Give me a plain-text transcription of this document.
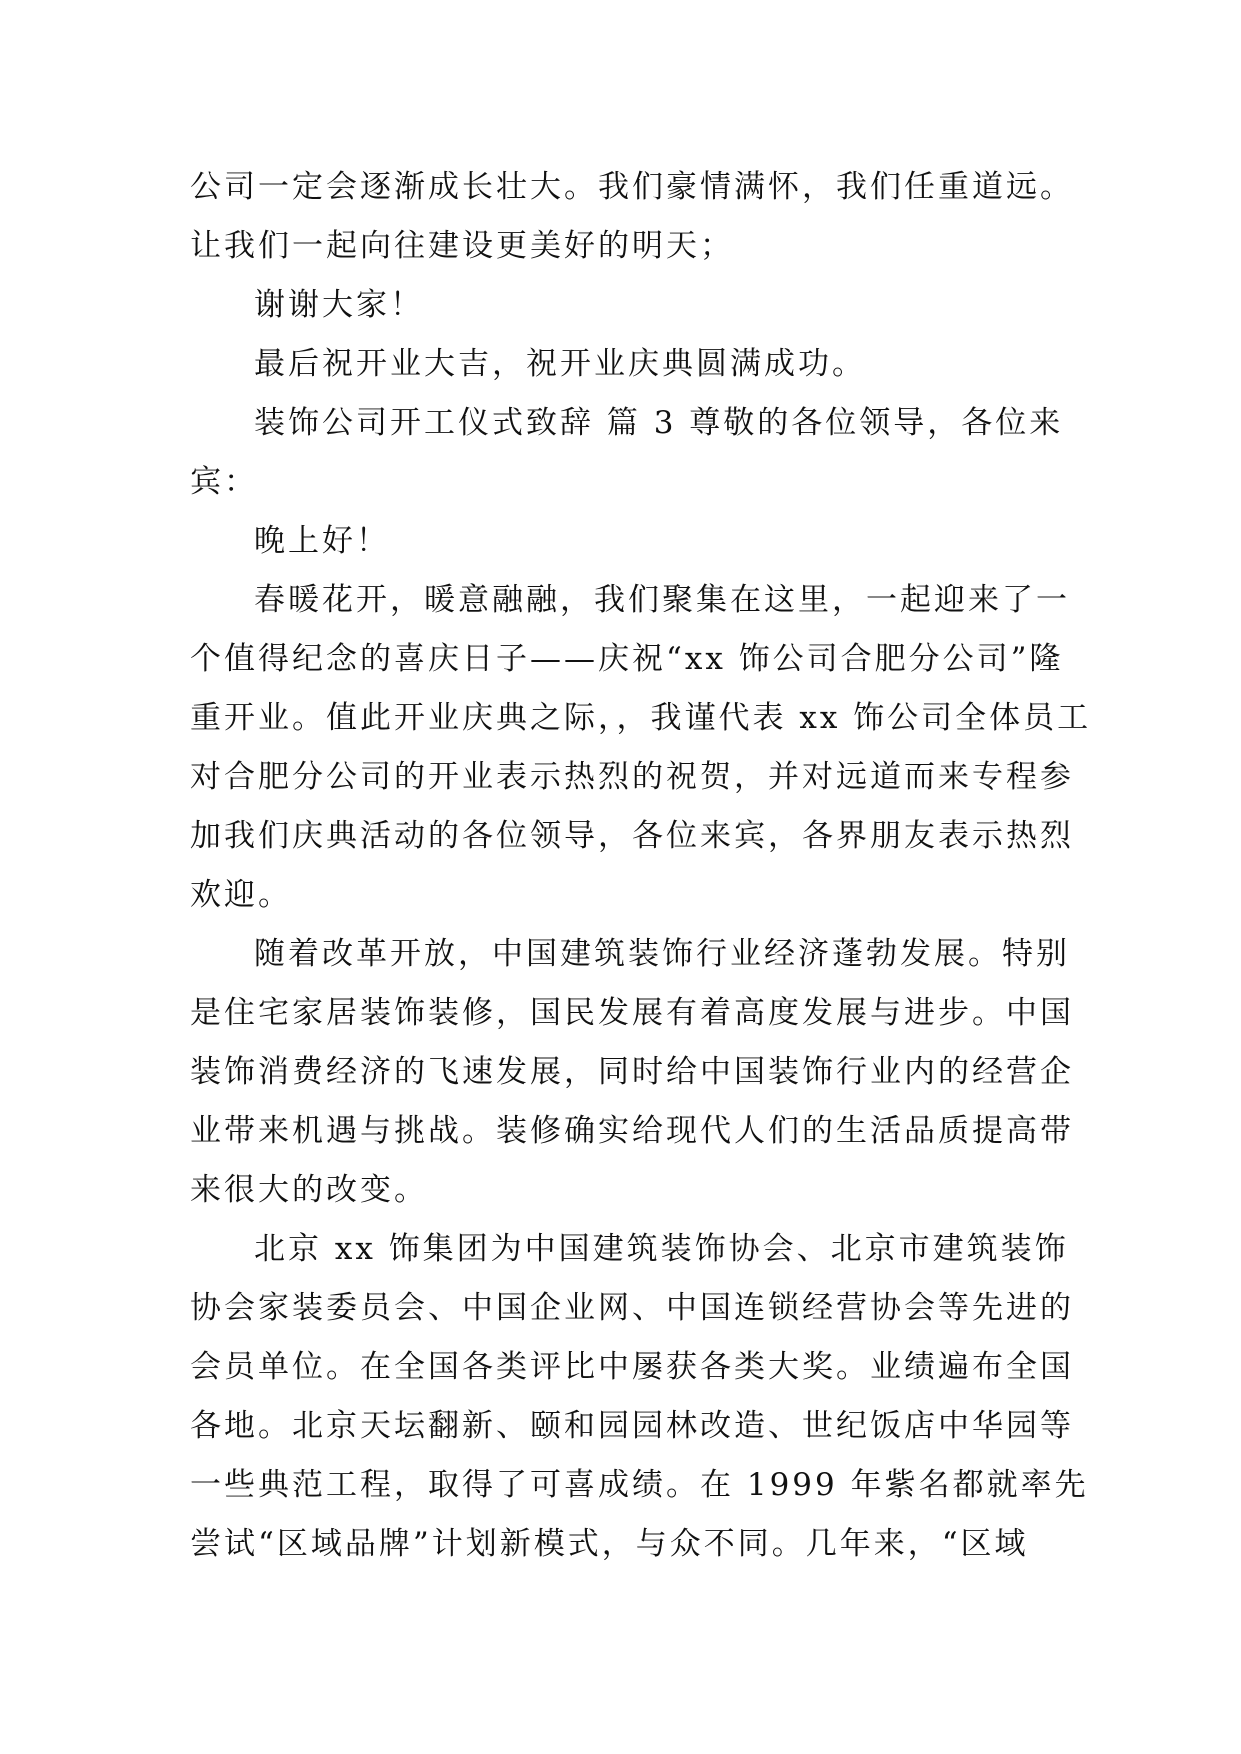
公司一定会逐渐成长壮大。我们豪情满怀，我们任重道远。
让我们一起向往建设更美好的明天；
谢谢大家！
最后祝开业大吉，祝开业庆典圆满成功。
装饰公司开工仪式致辞 篇 3 尊敬的各位领导，各位来
宾：
晚上好！
春暖花开，暖意融融，我们聚集在这里，一起迎来了一
个值得纪念的喜庆日子——庆祝“xx 饰公司合肥分公司”隆
重开业。值此开业庆典之际，，我谨代表 xx 饰公司全体员工
对合肥分公司的开业表示热烈的祝贺，并对远道而来专程参
加我们庆典活动的各位领导，各位来宾，各界朋友表示热烈
欢迎。
随着改革开放，中国建筑装饰行业经济蓬勃发展。特别
是住宅家居装饰装修，国民发展有着高度发展与进步。中国
装饰消费经济的飞速发展，同时给中国装饰行业内的经营企
业带来机遇与挑战。装修确实给现代人们的生活品质提高带
来很大的改变。
北京 xx 饰集团为中国建筑装饰协会、北京市建筑装饰
协会家装委员会、中国企业网、中国连锁经营协会等先进的
会员单位。在全国各类评比中屡获各类大奖。业绩遍布全国
各地。北京天坛翻新、颐和园园林改造、世纪饭店中华园等
一些典范工程，取得了可喜成绩。在 1999 年紫名都就率先
尝试“区域品牌”计划新模式，与众不同。几年来，“区域
